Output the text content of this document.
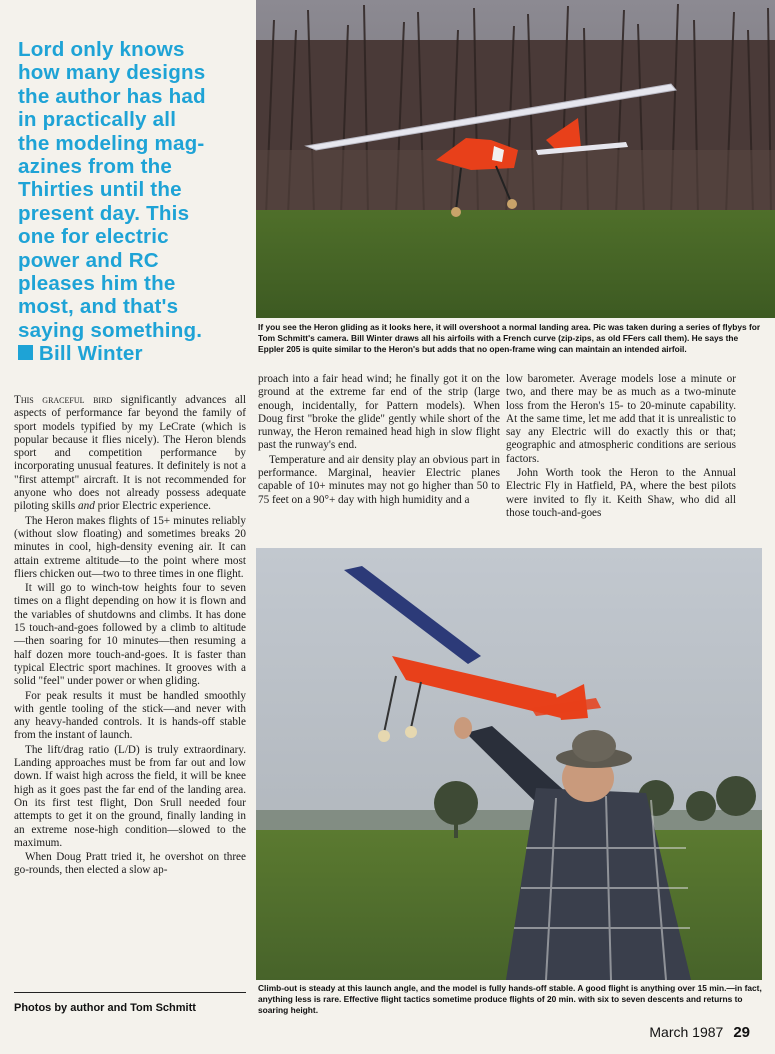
Lord only knows
how many designs
the author has had
in practically all
the modeling mag-
azines from the
Thirties until the
present day. This
one for electric
power and RC
pleases him the
most, and that's
saying something.
Bill Winter
If you see the Heron gliding as it looks here, it will overshoot a normal landing area. Pic was taken during a series of flybys for Tom Schmitt's camera. Bill Winter draws all his airfoils with a French curve (zip-zips, as old FFers call them). He says the Eppler 205 is quite similar to the Heron's but adds that no open-frame wing can maintain an intended airfoil.

This graceful bird significantly advances all aspects of performance far beyond the family of sport models typified by my LeCrate (which is popular because it flies nicely). The Heron blends sport and competition performance by incorporating unusual features. It definitely is not a "first attempt" aircraft. It is not recommended for anyone who does not already possess adequate piloting skills and prior Electric experience.

The Heron makes flights of 15+ minutes reliably (without slow floating) and sometimes breaks 20 minutes in cool, high-density evening air. It can attain extreme altitude—to the point where most fliers chicken out—two to three times in one flight.

It will go to winch-tow heights four to seven times on a flight depending on how it is flown and the variables of shutdowns and climbs. It has done 15 touch-and-goes followed by a climb to altitude—then soaring for 10 minutes—then resuming a half dozen more touch-and-goes. It is faster than typical Electric sport machines. It grooves with a solid "feel" under power or when gliding.

For peak results it must be handled smoothly with gentle tooling of the stick—and never with any heavy-handed controls. It is hands-off stable from the instant of launch.

The lift/drag ratio (L/D) is truly extraordinary. Landing approaches must be from far out and low down. If waist high across the field, it will be knee high as it goes past the far end of the landing area. On its first test flight, Don Srull needed four attempts to get it on the ground, finally landing in an extreme nose-high condition—slowed to the maximum.

When Doug Pratt tried it, he overshot on three go-rounds, then elected a slow ap-

proach into a fair head wind; he finally got it on the ground at the extreme far end of the strip (large enough, incidentally, for Pattern models). When Doug first "broke the glide" gently while short of the runway, the Heron remained head high in slow flight past the runway's end.

Temperature and air density play an obvious part in performance. Marginal, heavier Electric planes capable of 10+ minutes may not go higher than 50 to 75 feet on a 90°+ day with high humidity and a

low barometer. Average models lose a minute or two, and there may be as much as a two-minute loss from the Heron's 15- to 20-minute capability. At the same time, let me add that it is unrealistic to say any Electric will do exactly this or that; geographic and atmospheric conditions are serious factors.

John Worth took the Heron to the Annual Electric Fly in Hatfield, PA, where the best pilots were invited to fly it. Keith Shaw, who did all those touch-and-goes

Climb-out is steady at this launch angle, and the model is fully hands-off stable. A good flight is anything over 15 min.—in fact, anything less is rare. Effective flight tactics sometime produce flights of 20 min. with six to seven descents and returns to soaring height.
Photos by author and Tom Schmitt
March 1987 29
